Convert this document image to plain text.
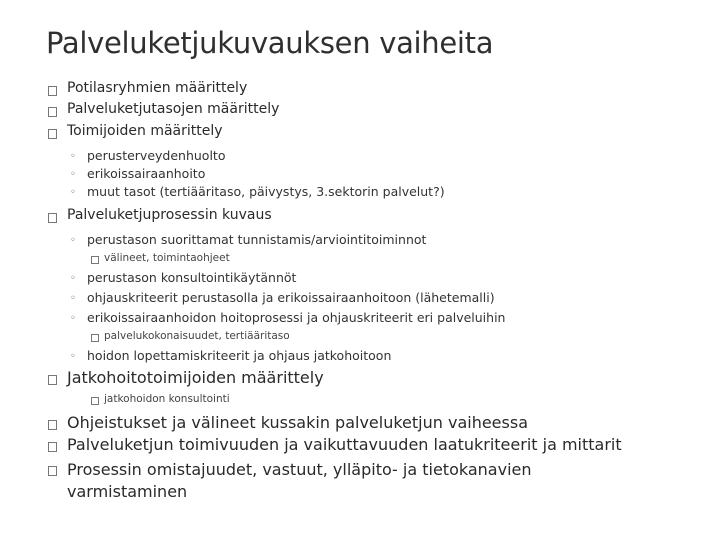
Palveluketjukuvauksen vaiheita
Potilasryhmien määrittely
Palveluketjutasojen määrittely
Toimijoiden määrittely
◦ perusterveydenhuolto
◦ erikoissairaanhoito
◦ muut tasot (tertiääritaso, päivystys, 3.sektorin palvelut?)
Palveluketjuprosessin kuvaus
◦ perustason suorittamat tunnistamis/arviointitoiminnot
välineet, toimintaohjeet
◦ perustason konsultointikäytännöt
◦ ohjauskriteerit perustasolla ja erikoissairaanhoitoon (lähetemalli)
◦ erikoissairaanhoidon hoitoprosessi ja ohjauskriteerit eri palveluihin
palvelukokonaisuudet, tertiääritaso
◦ hoidon lopettamiskriteerit ja ohjaus jatkohoitoon
Jatkohoitotoimijoiden määrittely
jatkohoidon konsultointi
Ohjeistukset ja välineet kussakin palveluketjun vaiheessa
Palveluketjun toimivuuden ja vaikuttavuuden laatukriteerit ja mittarit
Prosessin omistajuudet, vastuut, ylläpito- ja tietokanavien
varmistaminen
